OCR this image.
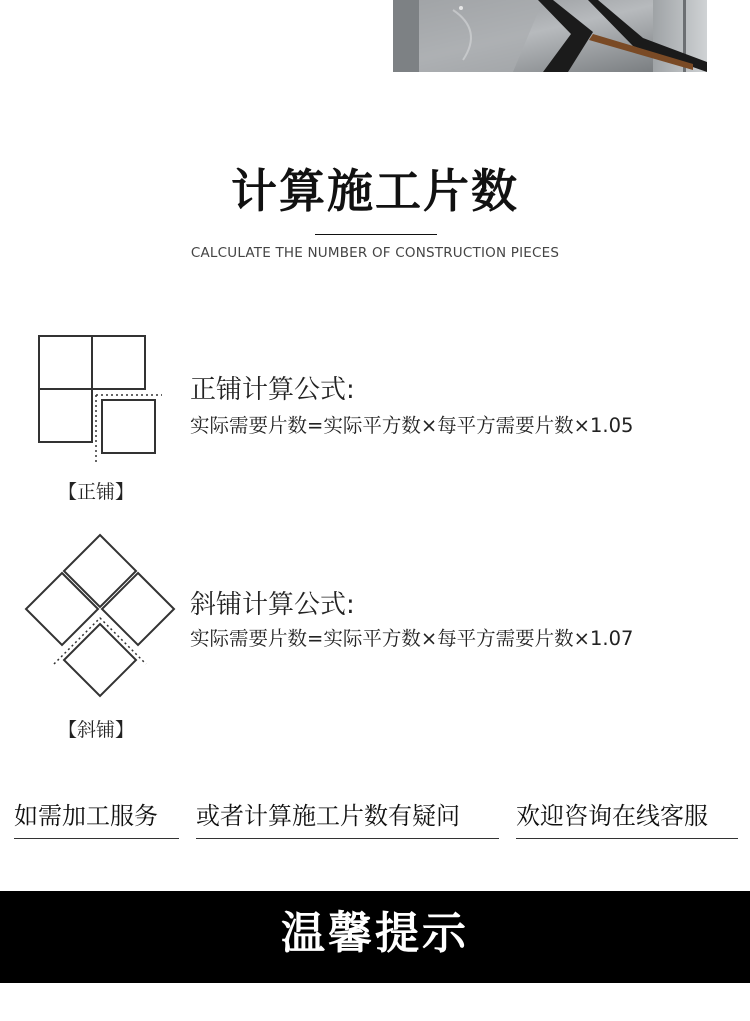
计算施工片数
CALCULATE THE NUMBER OF CONSTRUCTION PIECES
【正铺】
正铺计算公式:
实际需要片数=实际平方数×每平方需要片数×1.05
【斜铺】
斜铺计算公式:
实际需要片数=实际平方数×每平方需要片数×1.07
如需加工服务 或者计算施工片数有疑问 欢迎咨询在线客服
温馨提示
